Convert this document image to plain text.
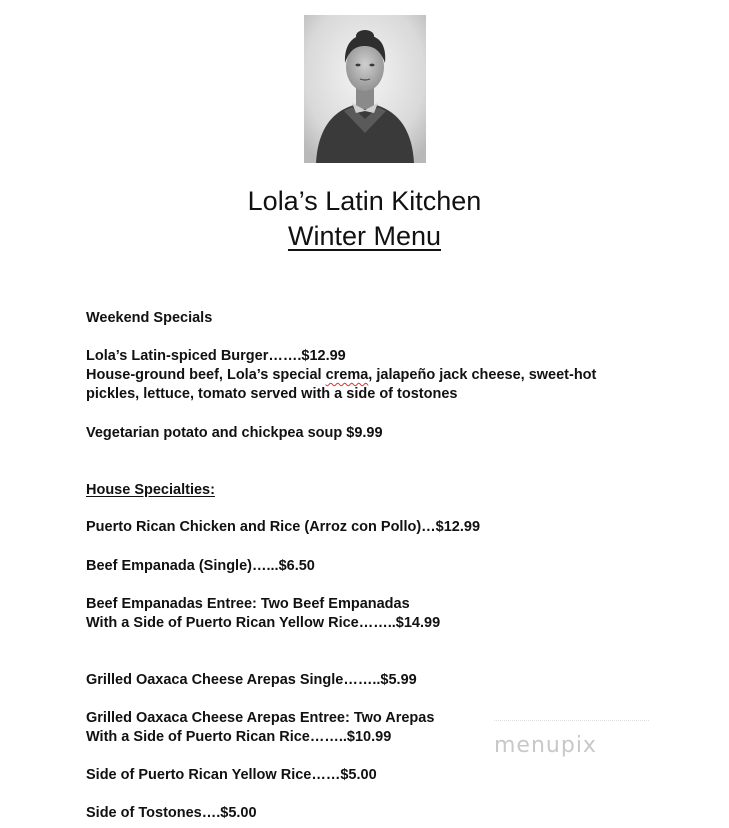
Lola’s Latin Kitchen
Winter Menu
Weekend Specials
Lola’s Latin-spiced Burger…….$12.99
House-ground beef, Lola’s special crema, jalapeño jack cheese, sweet-hot
pickles, lettuce, tomato served with a side of tostones
Vegetarian potato and chickpea soup $9.99
House Specialties:
Puerto Rican Chicken and Rice (Arroz con Pollo)…$12.99
Beef Empanada (Single)…...$6.50
Beef Empanadas Entree: Two Beef Empanadas
With a Side of Puerto Rican Yellow Rice……..$14.99
Grilled Oaxaca Cheese Arepas Single……..$5.99
Grilled Oaxaca Cheese Arepas Entree: Two Arepas
With a Side of Puerto Rican Rice……..$10.99
Side of Puerto Rican Yellow Rice……$5.00
Side of Tostones….$5.00
menupix
